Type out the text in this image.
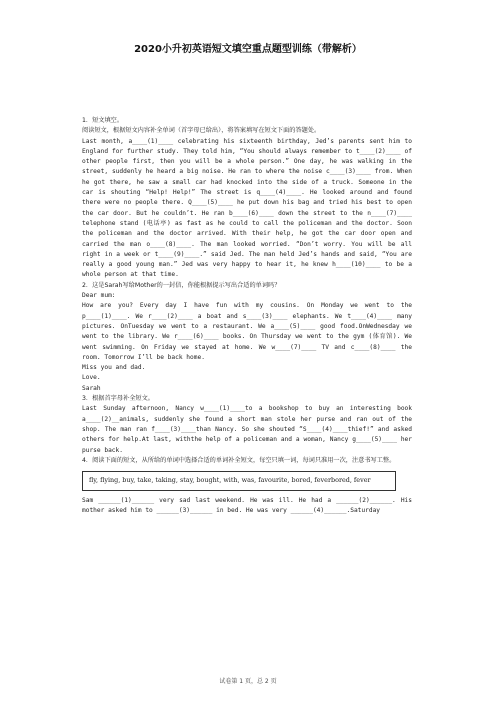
2020小升初英语短文填空重点题型训练（带解析）

1．短文填空。

阅读短文，根据短文内容补全单词（首字母已给出），将答案填写在短文下面的答题处。

Last month, a____(1)____ celebrating his sixteenth birthday, Jed’s parents sent him to England for further study. They told him, “You should always remember to t____(2)____ of other people first, then you will be a whole person.” One day, he was walking in the street, suddenly he heard a big noise. He ran to where the noise c____(3)____ from. When he got there, he saw a small car had knocked into the side of a truck. Someone in the car is shouting “Help! Help!” The street is q____(4)____. He looked around and found there were no people there. Q____(5)____ he put down his bag and tried his best to open the car door. But he couldn’t. He ran b____(6)____ down the street to the n____(7)____ telephone stand (电话亭) as fast as he could to call the policeman and the doctor. Soon the policeman and the doctor arrived. With their help, he got the car door open and carried the man o____(8)____. The man looked worried. “Don’t worry. You will be all right in a week or t____(9)____.” said Jed. The man held Jed’s hands and said, “You are really a good young man.” Jed was very happy to hear it, he knew h____(10)____ to be a whole person at that time.

2．这是Sarah写给Mother的一封信，你能根据提示写出合适的单词吗？

Dear mum:

How are you? Every day I have fun with my cousins. On Monday we went to the p____(1)____. We r____(2)____ a boat and s____(3)____ elephants. We t____(4)____ many pictures. OnTuesday we went to a restaurant. We a____(5)____ good food.OnWednesday we went to the library. We r____(6)____ books. On Thursday we went to the gym (体育馆). We went swimming. On Friday we stayed at home. We w____(7)____ TV and c____(8)____ the room. Tomorrow I’ll be back home.

Miss you and dad.

Love.

Sarah

3．根据首字母补全短文。

Last Sunday afternoon, Nancy w____(1)____to a bookshop to buy an interesting book a____(2)__animals, suddenly she found a short man stole her purse and ran out of the shop. The man ran f____(3)____than Nancy. So she shouted “S____(4)____thief!” and asked others for help.At last, withthe help of a policeman and a woman, Nancy g____(5)____ her purse back.

4．阅读下面的短文，从所给的单词中选择合适的单词补全短文，每空只填一词，每词只准用一次，注意书写工整。

fly, flying, buy, take, taking, stay, bought, with, was, favourite, bored, feverbored, fever

Sam ______(1)______ very sad last weekend. He was ill. He had a ______(2)______. His mother asked him to ______(3)______ in bed. He was very ______(4)______.Saturday

试卷第 1 页，总 2 页
